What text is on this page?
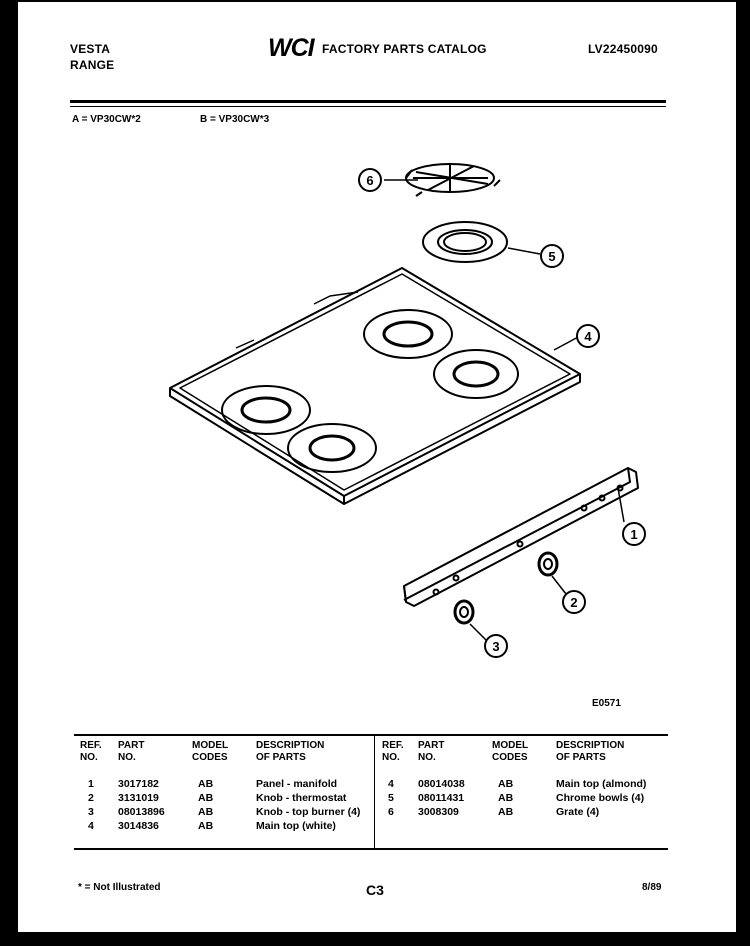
VESTA
RANGE
WCI FACTORY PARTS CATALOG	LV22450090
A = VP30CW*2	B = VP30CW*3
6
5
4
1
2
3
E0571
REF.
NO.
PART
NO.
MODEL
CODES
DESCRIPTION
OF PARTS
1 3017182	AB	Panel - manifold
2 3131019	AB	Knob - thermostat
3 08013896	AB	Knob - top burner (4)
4 3014836	AB	Main top (white)
REF.
NO.
PART
NO.
MODEL
CODES
DESCRIPTION
OF PARTS
4 08014038	AB	Main top (almond)
5 08011431	AB	Chrome bowls (4)
6 3008309	AB	Grate (4)
* = Not Illustrated	C3	8/89
